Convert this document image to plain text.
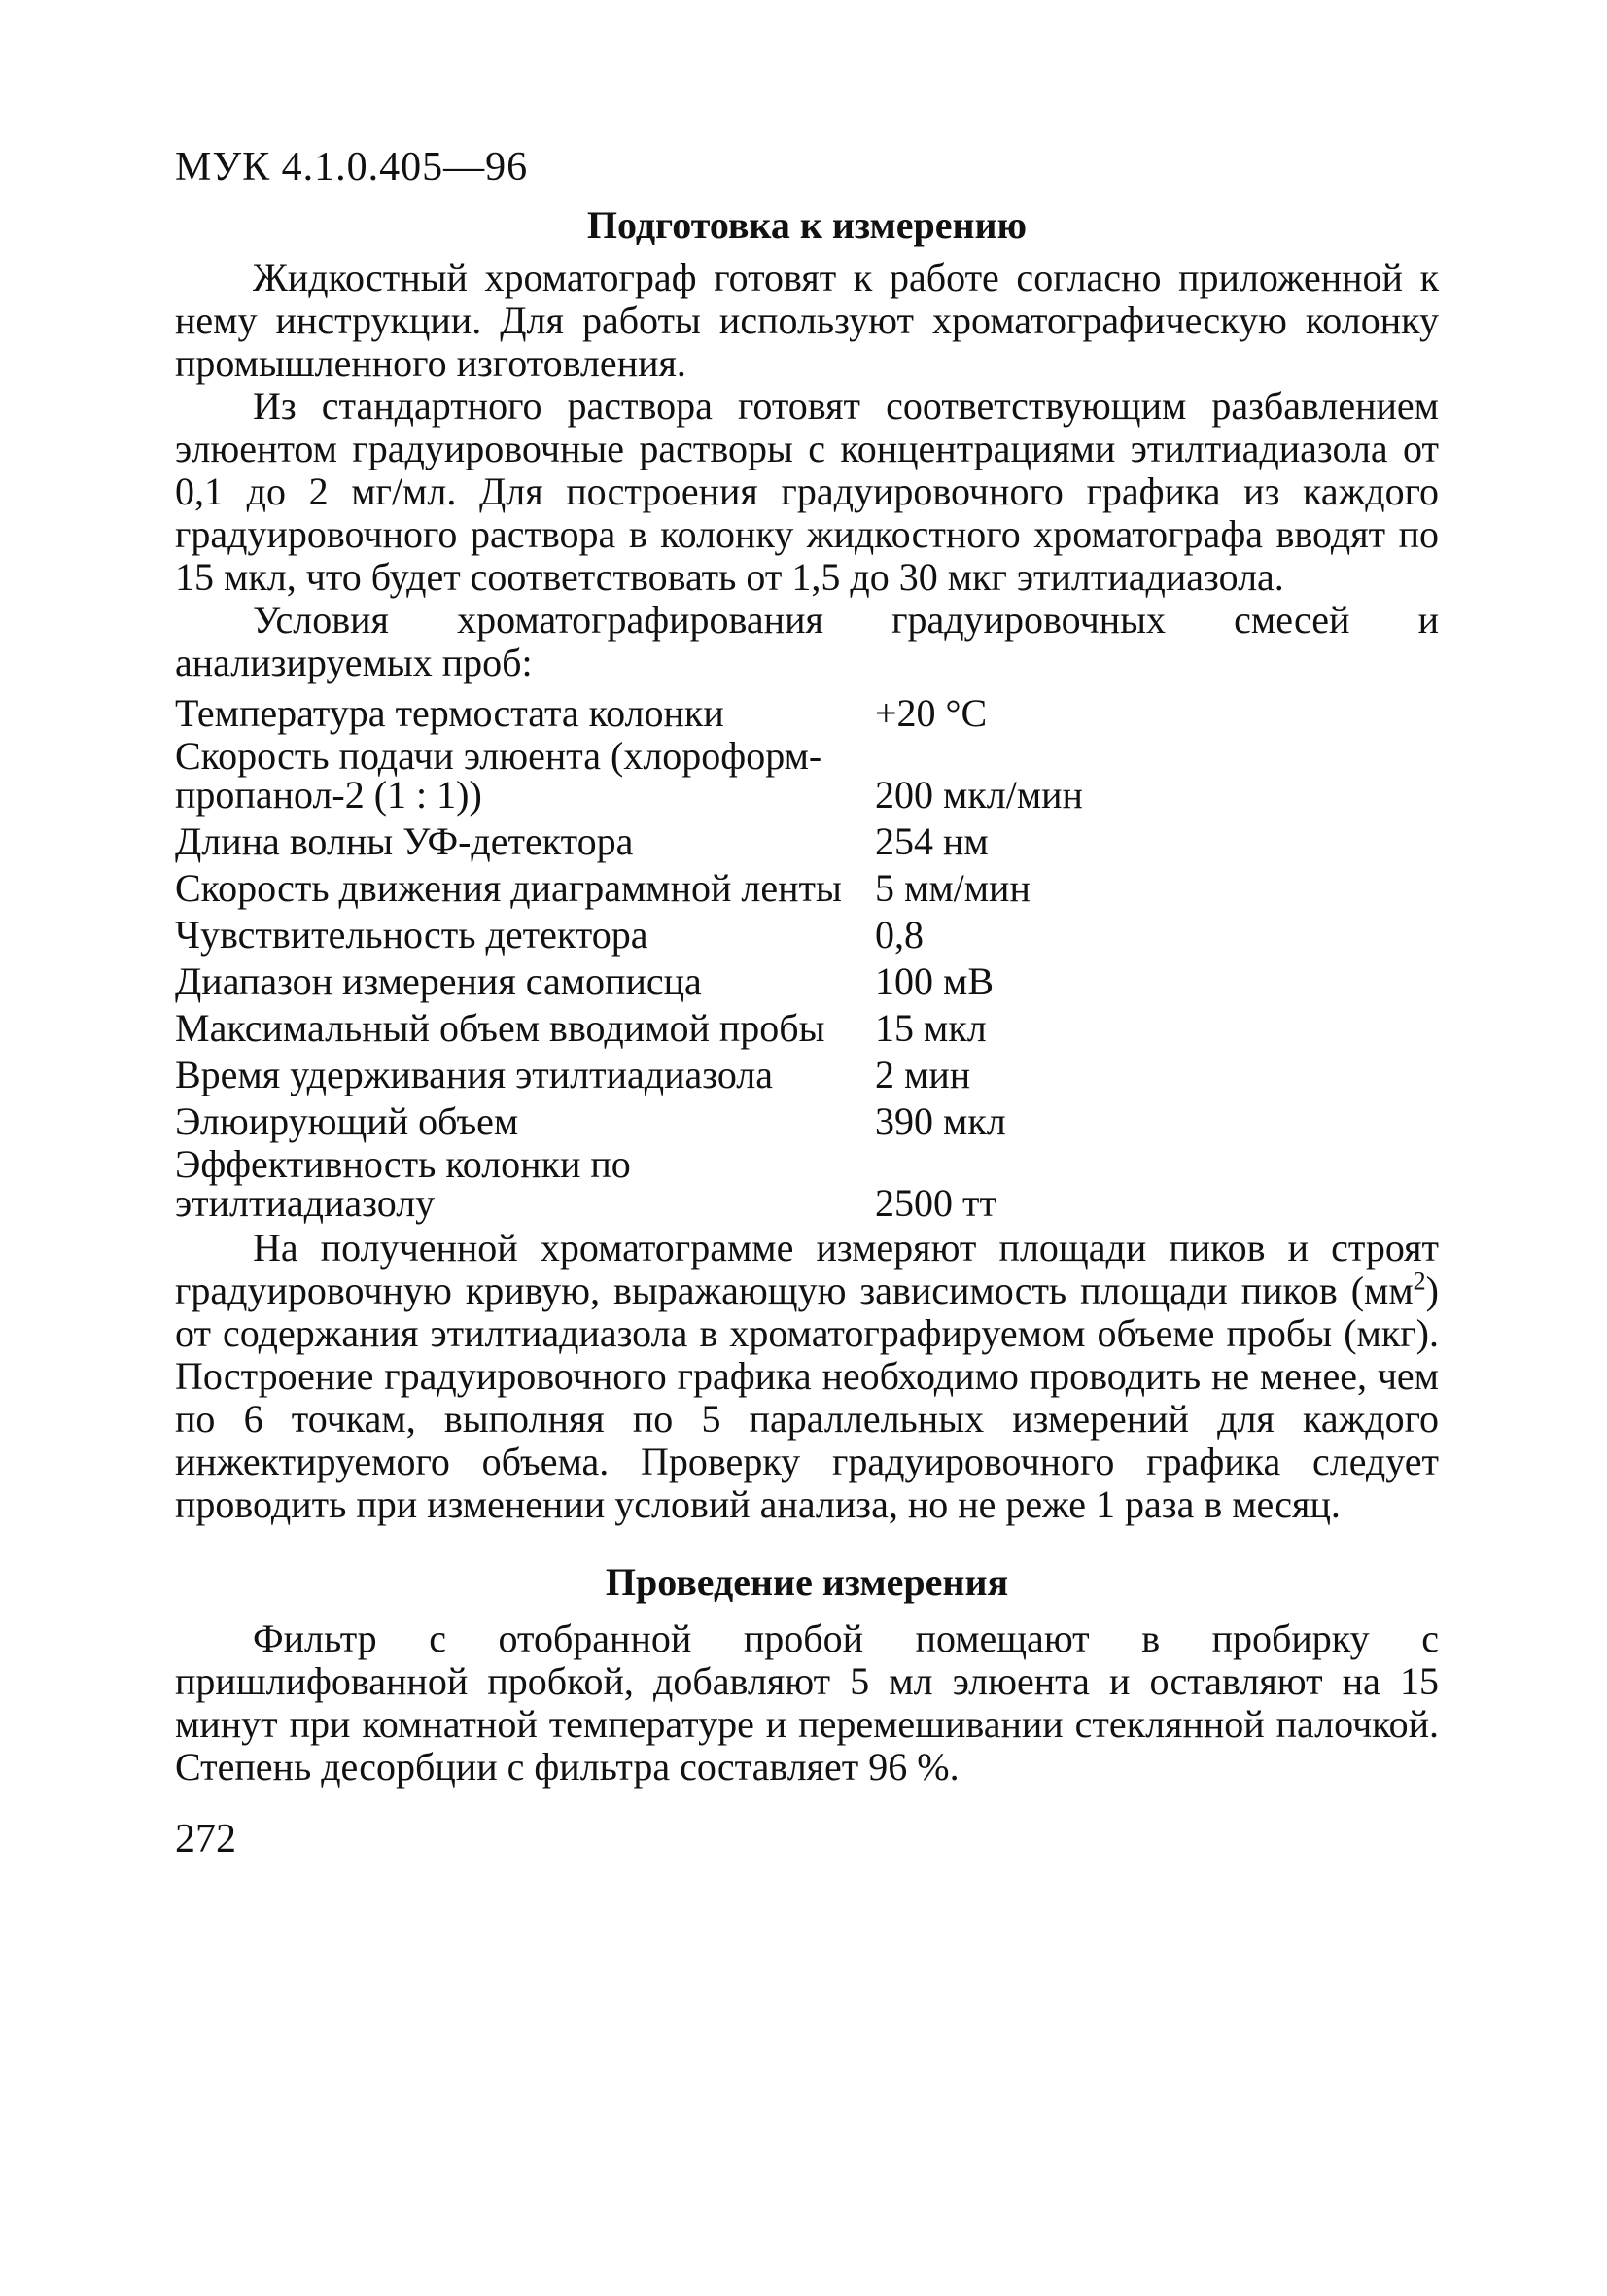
МУК 4.1.0.405—96
Подготовка к измерению

Жидкостный хроматограф готовят к работе согласно приложенной к нему инструкции. Для работы используют хроматографическую колонку промышленного изготовления.

Из стандартного раствора готовят соответствующим разбавлением элюентом градуировочные растворы с концентрациями этилтиадиазола от 0,1 до 2 мг/мл. Для построения градуировочного графика из каждого градуировочного раствора в колонку жидкостного хроматографа вводят по 15 мкл, что будет соответствовать от 1,5 до 30 мкг этилтиадиазола.

Условия хроматографирования градуировочных смесей и анализируемых проб:

Температура термостата колонки	+20 °С
Скорость подачи элюента (хлороформ-пропанол-2 (1 : 1))	200 мкл/мин
Длина волны УФ-детектора	254 нм
Скорость движения диаграммной ленты	5 мм/мин
Чувствительность детектора	0,8
Диапазон измерения самописца	100 мВ
Максимальный объем вводимой пробы	15 мкл
Время удерживания этилтиадиазола	2 мин
Элюирующий объем	390 мкл
Эффективность колонки по этилтиадиазолу	2500 тт

На полученной хроматограмме измеряют площади пиков и строят градуировочную кривую, выражающую зависимость площади пиков $(мм^2)$ от содержания этилтиадиазола в хроматографируемом объеме пробы (мкг). Построение градуировочного графика необходимо проводить не менее, чем по 6 точкам, выполняя по 5 параллельных измерений для каждого инжектируемого объема. Проверку градуировочного графика следует проводить при изменении условий анализа, но не реже 1 раза в месяц.

Проведение измерения

Фильтр с отобранной пробой помещают в пробирку с пришлифованной пробкой, добавляют 5 мл элюента и оставляют на 15 минут при комнатной температуре и перемешивании стеклянной палочкой. Степень десорбции с фильтра составляет 96 %.

272
